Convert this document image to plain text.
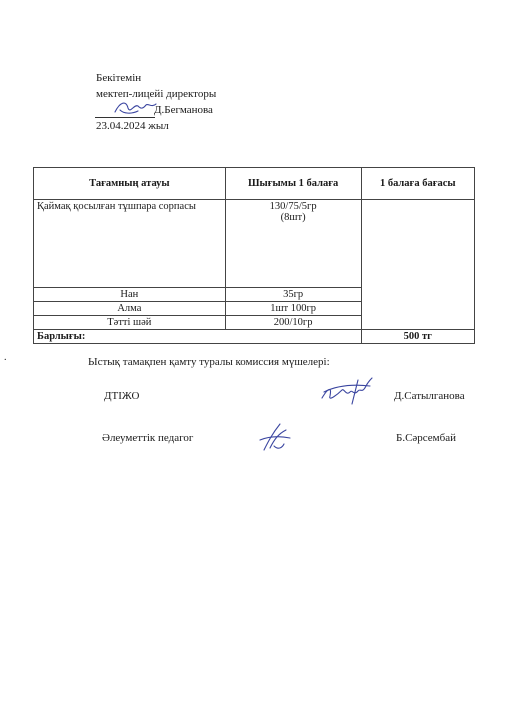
Бекітемін
мектеп-лицейі директоры
Д.Бегманова
23.04.2024 жыл
Тағамның атауы	Шығымы 1 балаға	1 балаға бағасы
Қаймақ қосылған тұшпара сорпасы	130/75/5гр
(8шт)	

Нан	35гр	
Алма	1шт 100гр	
Тәтті шәй	200/10гр	
Барлығы:		500 тг
.	Ыстық тамақпен қамту туралы комиссия мүшелері:
ДТІЖО	Д.Сатылганова
Әлеуметтік педагог	Б.Сәрсембай
